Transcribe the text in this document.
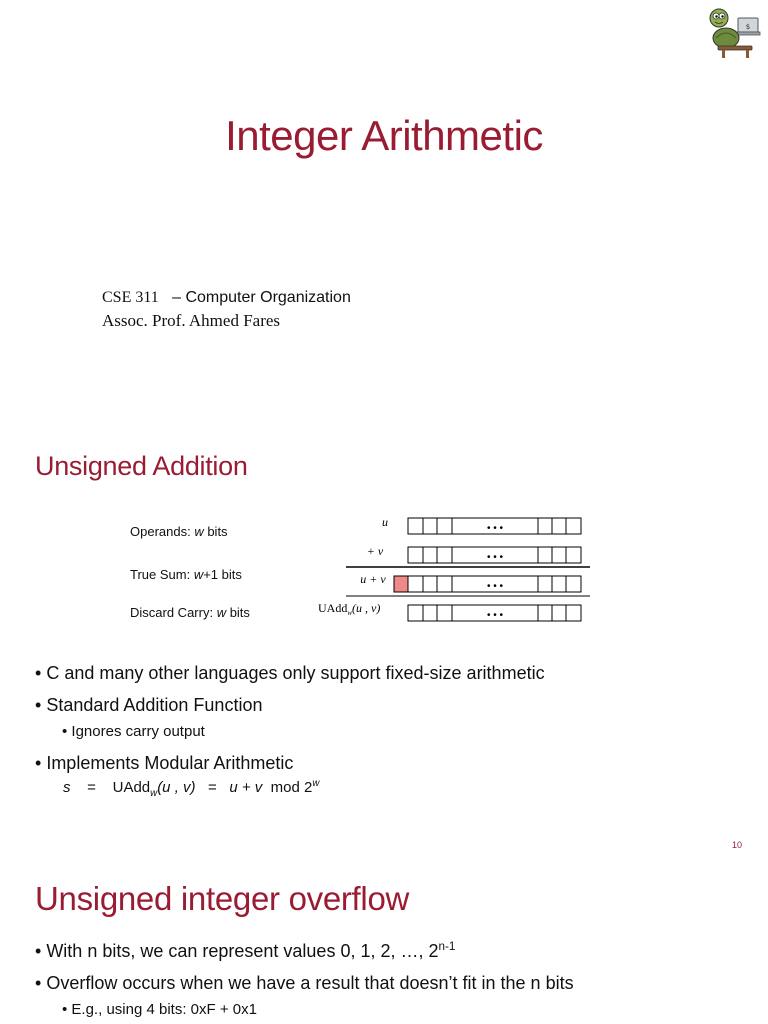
$
Integer Arithmetic
CSE 311 – Computer Organization
Assoc. Prof. Ahmed Fares
Unsigned Addition
Operands: w bits
True Sum: w+1 bits
Discard Carry: w bits
u
+ v
u + v
UAdd$_w$(u , v)
• • •
• • •
• • •
• • •
• C and many other languages only support fixed-size arithmetic
• Standard Addition Function
• Ignores carry output
• Implements Modular Arithmetic
s = UAdd$_w$(u , v) = u + v mod 2$^w$
10
Unsigned integer overflow
• With n bits, we can represent values 0, 1, 2, …, 2$^{n-1}$
• Overflow occurs when we have a result that doesn’t fit in the n bits
• E.g., using 4 bits: 0xF + 0x1
